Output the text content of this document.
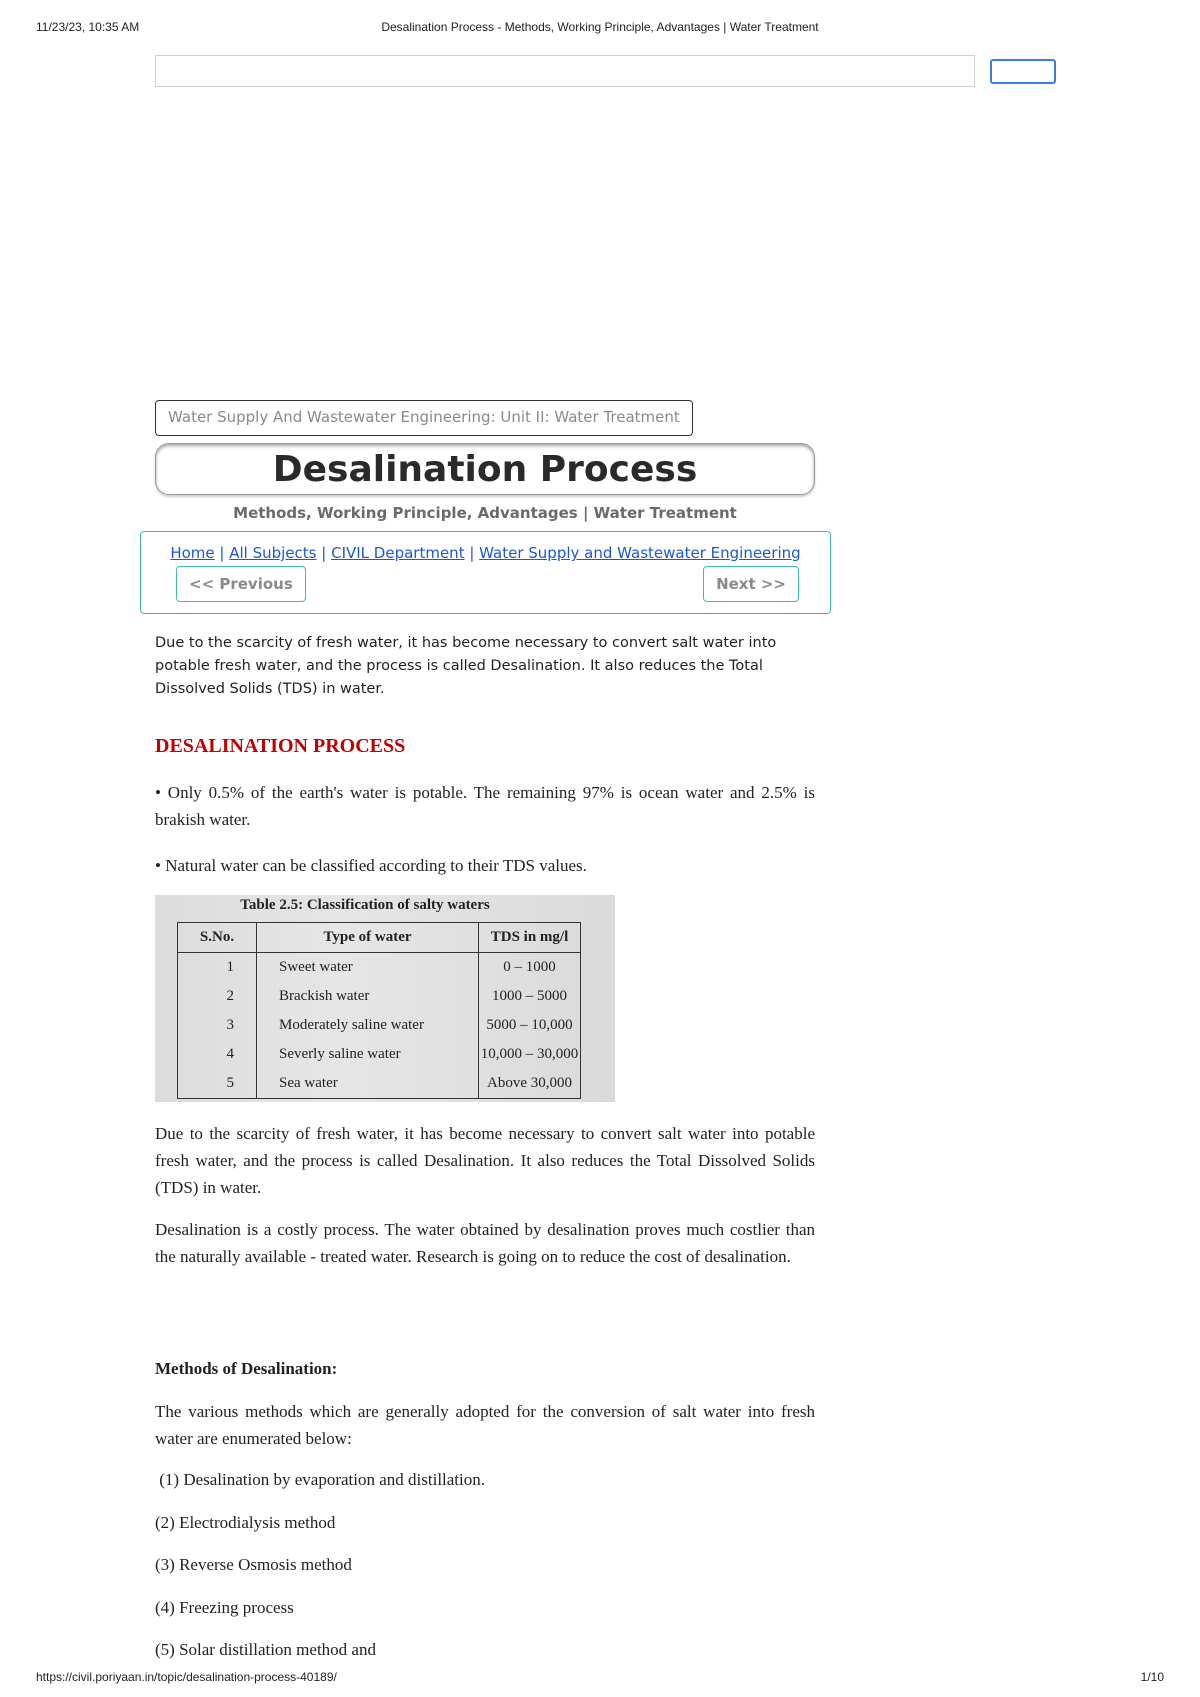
11/23/23, 10:35 AM	Desalination Process - Methods, Working Principle, Advantages | Water Treatment
Water Supply And Wastewater Engineering: Unit II: Water Treatment
Desalination Process
Methods, Working Principle, Advantages | Water Treatment
Home | All Subjects | CIVIL Department | Water Supply and Wastewater Engineering
<< Previous	Next >>

Due to the scarcity of fresh water, it has become necessary to convert salt water into potable fresh water, and the process is called Desalination. It also reduces the Total Dissolved Solids (TDS) in water.

DESALINATION PROCESS

• Only 0.5% of the earth's water is potable. The remaining 97% is ocean water and 2.5% is brakish water.

• Natural water can be classified according to their TDS values.

Table 2.5: Classification of salty waters
S.No.	Type of water	TDS in mg/l
1	Sweet water	0 – 1000
2	Brackish water	1000 – 5000
3	Moderately saline water	5000 – 10,000
4	Severly saline water	10,000 – 30,000
5	Sea water	Above 30,000

Due to the scarcity of fresh water, it has become necessary to convert salt water into potable fresh water, and the process is called Desalination. It also reduces the Total Dissolved Solids (TDS) in water.

Desalination is a costly process. The water obtained by desalination proves much costlier than the naturally available - treated water. Research is going on to reduce the cost of desalination.

Methods of Desalination:

The various methods which are generally adopted for the conversion of salt water into fresh water are enumerated below:

(1) Desalination by evaporation and distillation.

(2) Electrodialysis method

(3) Reverse Osmosis method

(4) Freezing process

(5) Solar distillation method and

https://civil.poriyaan.in/topic/desalination-process-40189/	1/10
